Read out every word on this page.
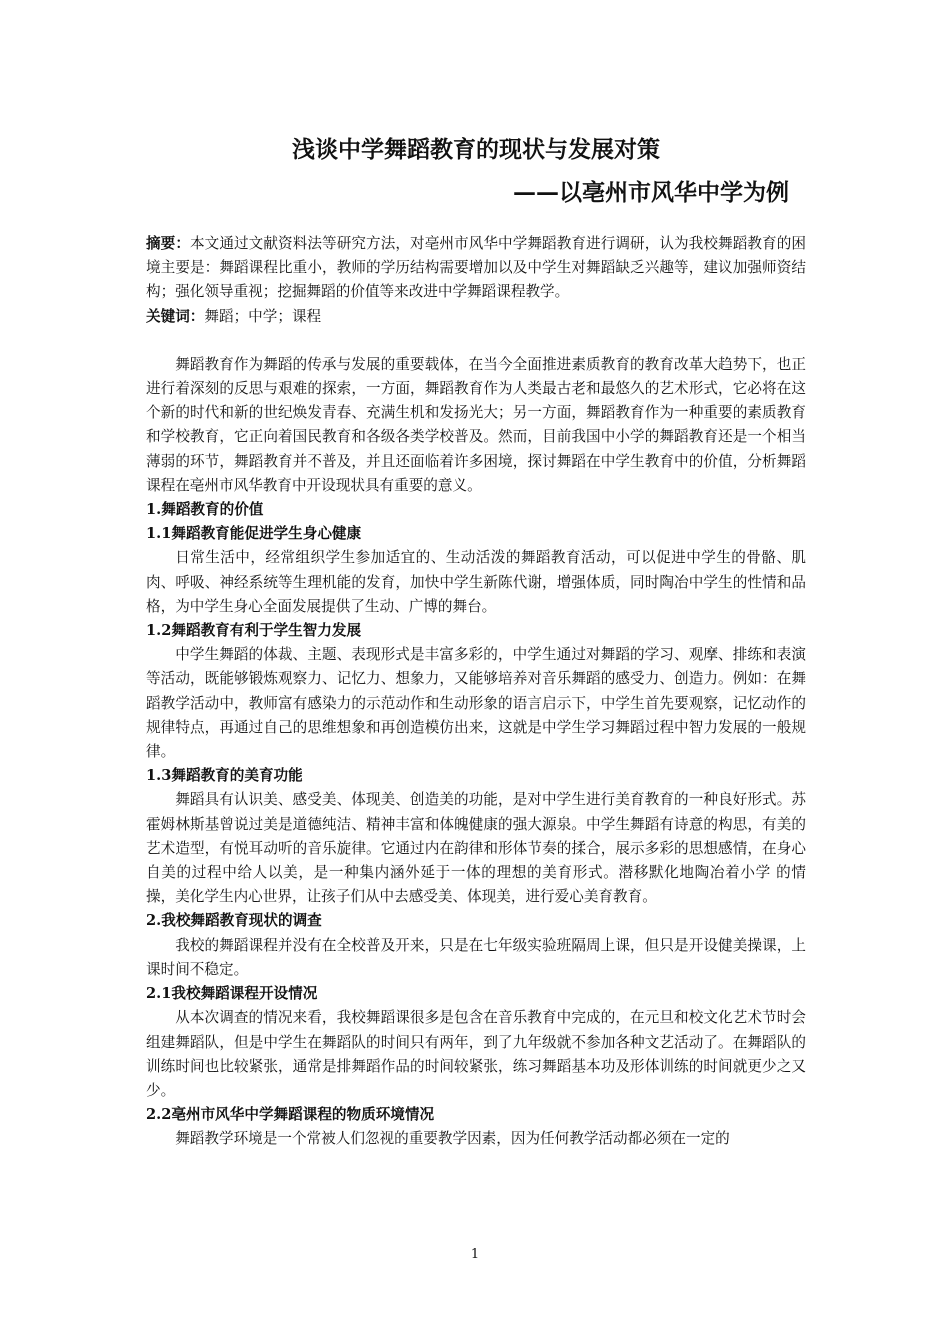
浅谈中学舞蹈教育的现状与发展对策
——以亳州市风华中学为例

摘要：本文通过文献资料法等研究方法，对亳州市风华中学舞蹈教育进行调研，认为我校舞蹈教育的困境主要是：舞蹈课程比重小，教师的学历结构需要增加以及中学生对舞蹈缺乏兴趣等，建议加强师资结构；强化领导重视；挖掘舞蹈的价值等来改进中学舞蹈课程教学。

关键词：舞蹈；中学；课程

舞蹈教育作为舞蹈的传承与发展的重要载体，在当今全面推进素质教育的教育改革大趋势下，也正进行着深刻的反思与艰难的探索，一方面，舞蹈教育作为人类最古老和最悠久的艺术形式，它必将在这个新的时代和新的世纪焕发青春、充满生机和发扬光大；另一方面，舞蹈教育作为一种重要的素质教育和学校教育，它正向着国民教育和各级各类学校普及。然而，目前我国中小学的舞蹈教育还是一个相当薄弱的环节，舞蹈教育并不普及，并且还面临着许多困境，探讨舞蹈在中学生教育中的价值，分析舞蹈课程在亳州市风华教育中开设现状具有重要的意义。

1.舞蹈教育的价值
1.1舞蹈教育能促进学生身心健康

日常生活中，经常组织学生参加适宜的、生动活泼的舞蹈教育活动，可以促进中学生的骨骼、肌肉、呼吸、神经系统等生理机能的发育，加快中学生新陈代谢，增强体质，同时陶冶中学生的性情和品格，为中学生身心全面发展提供了生动、广博的舞台。

1.2舞蹈教育有利于学生智力发展

中学生舞蹈的体裁、主题、表现形式是丰富多彩的，中学生通过对舞蹈的学习、观摩、排练和表演等活动，既能够锻炼观察力、记忆力、想象力，又能够培养对音乐舞蹈的感受力、创造力。例如：在舞蹈教学活动中，教师富有感染力的示范动作和生动形象的语言启示下，中学生首先要观察，记忆动作的规律特点，再通过自己的思维想象和再创造模仿出来，这就是中学生学习舞蹈过程中智力发展的一般规律。

1.3舞蹈教育的美育功能

舞蹈具有认识美、感受美、体现美、创造美的功能，是对中学生进行美育教育的一种良好形式。苏霍姆林斯基曾说过美是道德纯洁、精神丰富和体魄健康的强大源泉。中学生舞蹈有诗意的构思，有美的艺术造型，有悦耳动听的音乐旋律。它通过内在韵律和形体节奏的揉合，展示多彩的思想感情，在身心自美的过程中给人以美，是一种集内涵外延于一体的理想的美育形式。潜移默化地陶冶着小学 的情操，美化学生内心世界，让孩子们从中去感受美、体现美，进行爱心美育教育。

2.我校舞蹈教育现状的调查

我校的舞蹈课程并没有在全校普及开来，只是在七年级实验班隔周上课，但只是开设健美操课，上课时间不稳定。

2.1我校舞蹈课程开设情况

从本次调查的情况来看，我校舞蹈课很多是包含在音乐教育中完成的，在元旦和校文化艺术节时会组建舞蹈队，但是中学生在舞蹈队的时间只有两年，到了九年级就不参加各种文艺活动了。在舞蹈队的训练时间也比较紧张，通常是排舞蹈作品的时间较紧张，练习舞蹈基本功及形体训练的时间就更少之又少。

2.2亳州市风华中学舞蹈课程的物质环境情况

舞蹈教学环境是一个常被人们忽视的重要教学因素，因为任何教学活动都必须在一定的

1
